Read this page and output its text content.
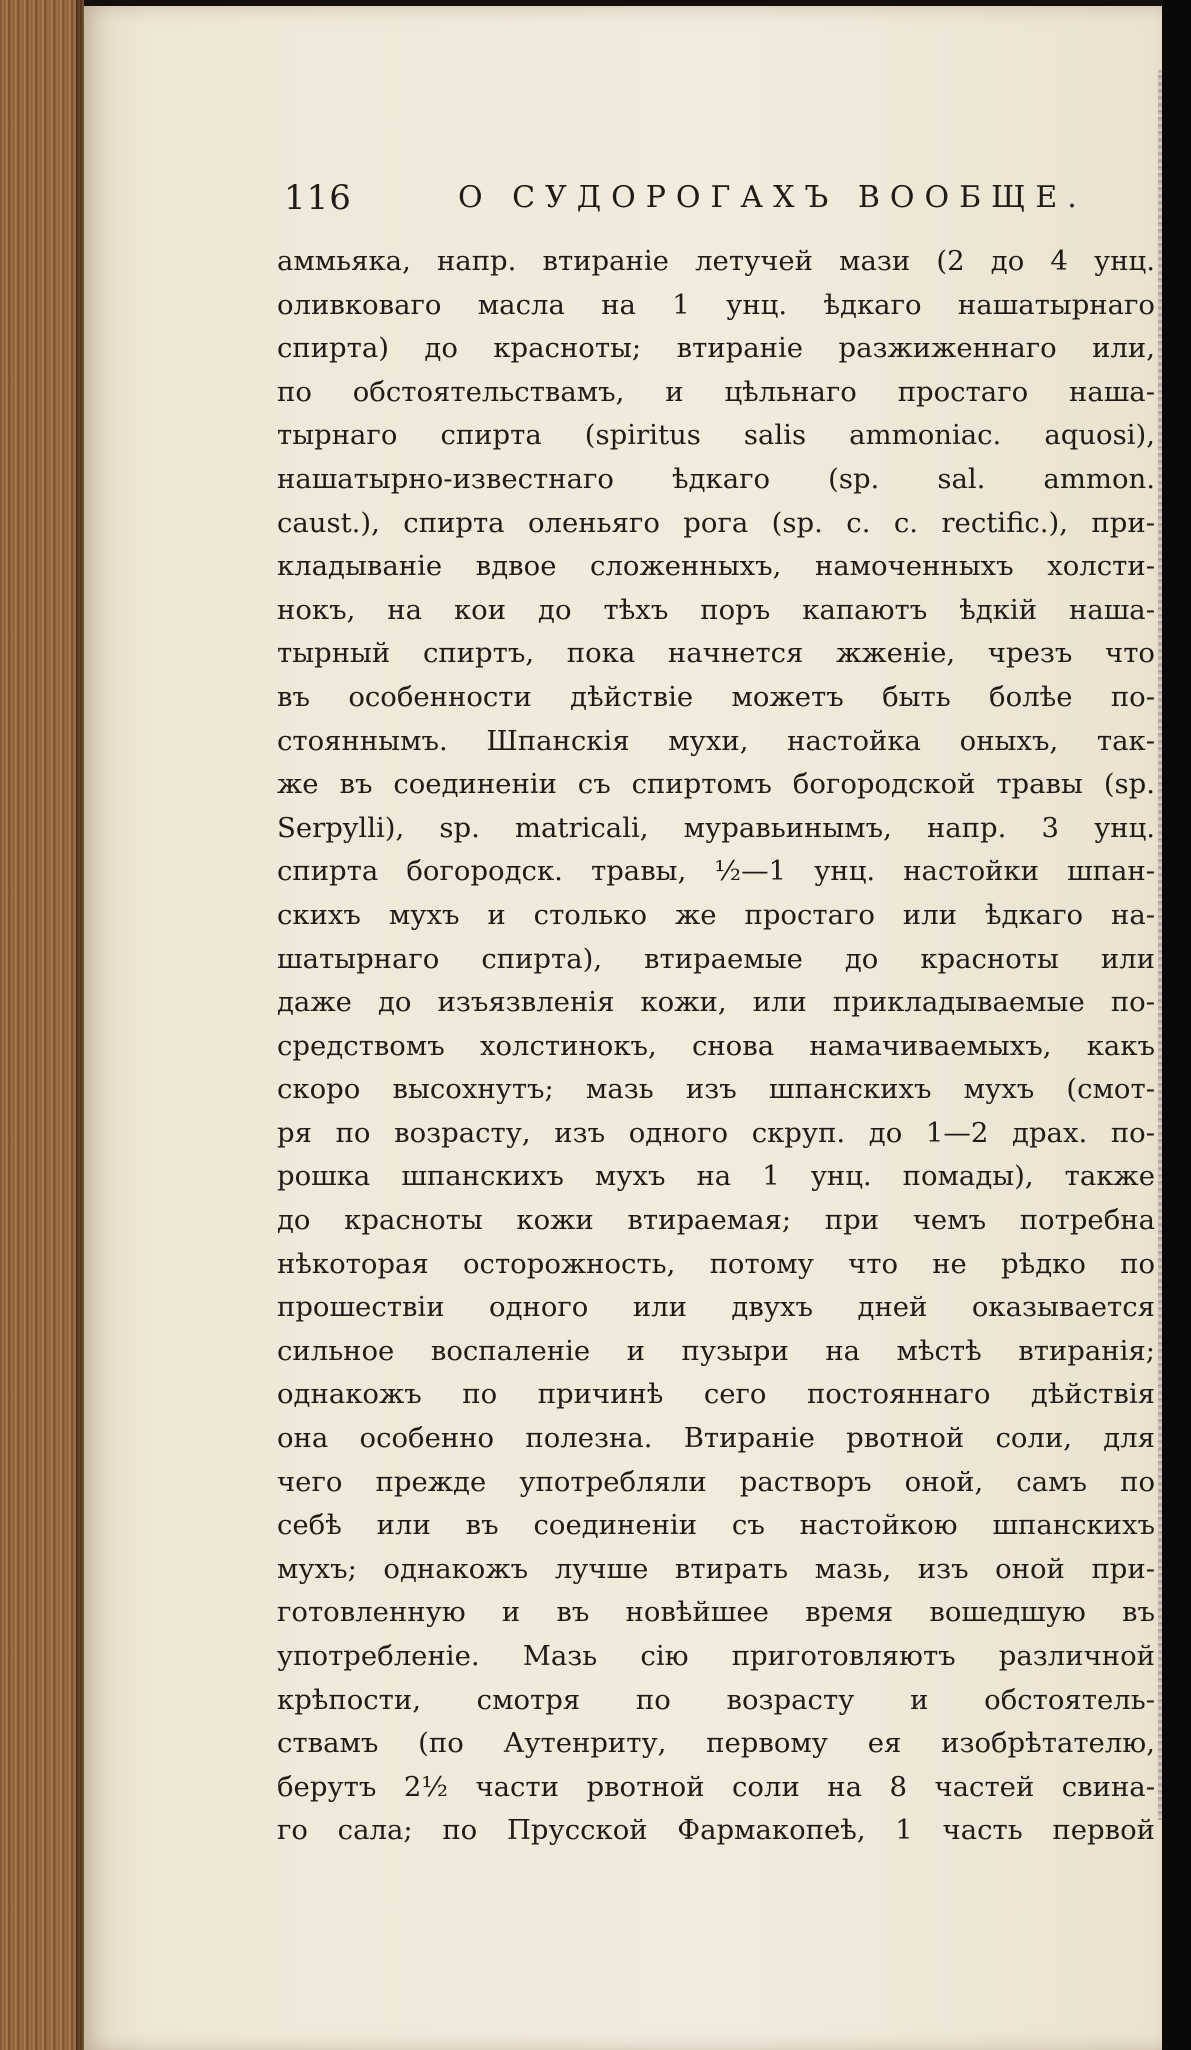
116	О СУДОРОГАХЪ ВООБЩЕ.
аммьяка, напр. втираніе летучей мази (2 до 4 унц.
оливковаго масла на 1 унц. ѣдкаго нашатырнаго
спирта) до красноты; втираніе разжиженнаго или,
по обстоятельствамъ, и цѣльнаго простаго наша-
тырнаго спирта (spiritus salis ammoniac. aquosi),
нашатырно-известнаго ѣдкаго (sp. sal. ammon.
caust.), спирта оленьяго рога (sp. c. c. rectific.), при-
кладываніе вдвое сложенныхъ, намоченныхъ холсти-
нокъ, на кои до тѣхъ поръ капаютъ ѣдкій наша-
тырный спиртъ, пока начнется жженіе, чрезъ что
въ особенности дѣйствіе можетъ быть болѣе по-
стояннымъ. Шпанскія мухи, настойка оныхъ, так-
же въ соединеніи съ спиртомъ богородской травы (sp.
Serpylli), sp. matricali, муравьинымъ, напр. 3 унц.
спирта богородск. травы, ½—1 унц. настойки шпан-
скихъ мухъ и столько же простаго или ѣдкаго на-
шатырнаго спирта), втираемые до красноты или
даже до изъязвленія кожи, или прикладываемые по-
средствомъ холстинокъ, снова намачиваемыхъ, какъ
скоро высохнутъ; мазь изъ шпанскихъ мухъ (смот-
ря по возрасту, изъ одного скруп. до 1—2 драх. по-
рошка шпанскихъ мухъ на 1 унц. помады), также
до красноты кожи втираемая; при чемъ потребна
нѣкоторая осторожность, потому что не рѣдко по
прошествіи одного или двухъ дней оказывается
сильное воспаленіе и пузыри на мѣстѣ втиранія;
однакожъ по причинѣ сего постояннаго дѣйствія
она особенно полезна. Втираніе рвотной соли, для
чего прежде употребляли растворъ оной, самъ по
себѣ или въ соединеніи съ настойкою шпанскихъ
мухъ; однакожъ лучше втирать мазь, изъ оной при-
готовленную и въ новѣйшее время вошедшую въ
употребленіе. Мазь сію приготовляютъ различной
крѣпости, смотря по возрасту и обстоятель-
ствамъ (по Аутенриту, первому ея изобрѣтателю,
берутъ 2½ части рвотной соли на 8 частей свина-
го сала; по Прусской Фармакопеѣ, 1 часть первой
